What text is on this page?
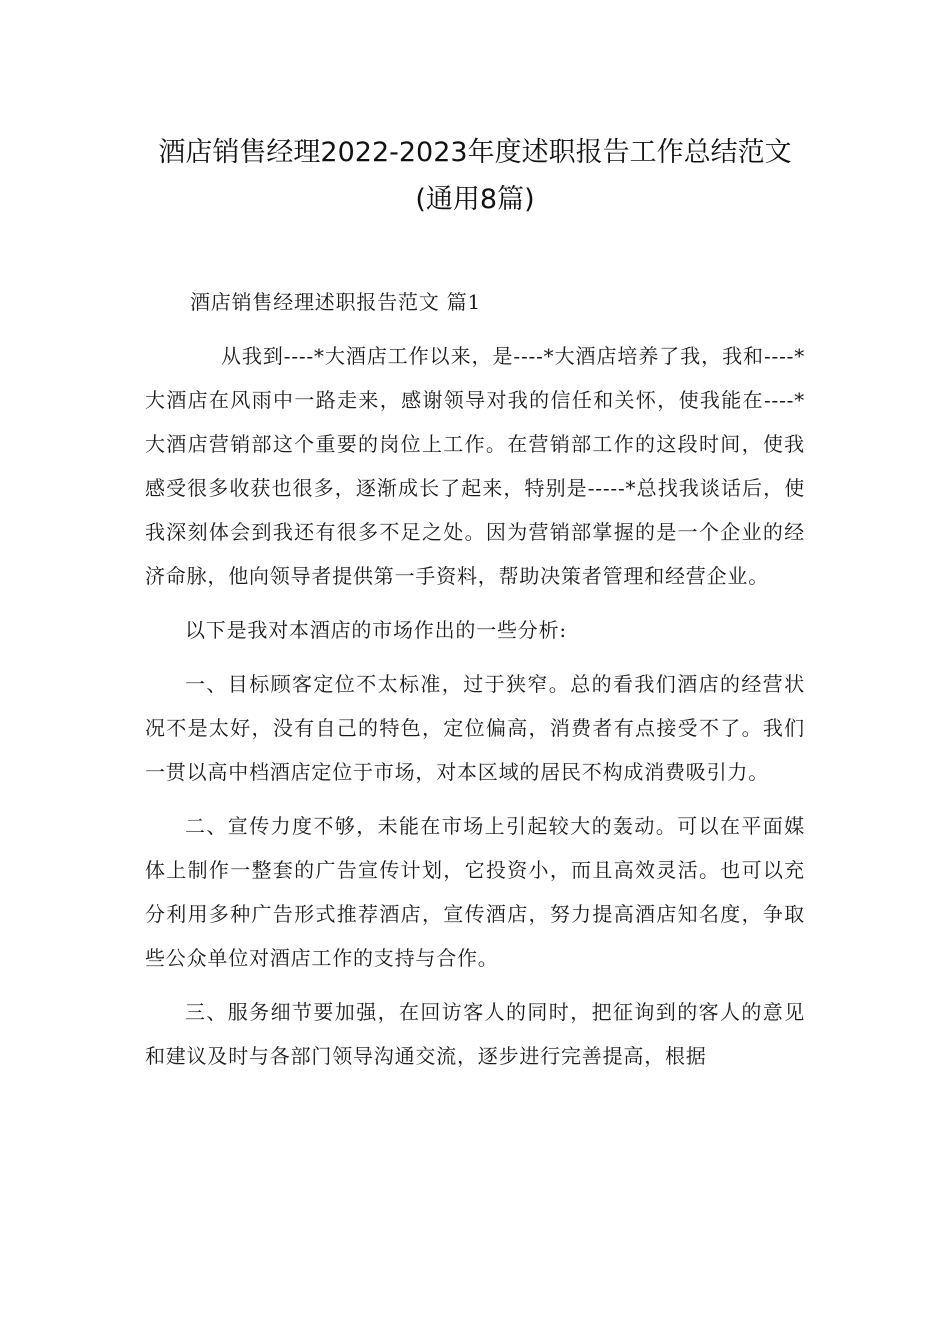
酒店销售经理2022-2023年度述职报告工作总结范文
(通用8篇)

酒店销售经理述职报告范文 篇1

从我到----*大酒店工作以来，是----*大酒店培养了我，我和----*大酒店在风雨中一路走来，感谢领导对我的信任和关怀，使我能在----*大酒店营销部这个重要的岗位上工作。在营销部工作的这段时间，使我感受很多收获也很多，逐渐成长了起来，特别是-----*总找我谈话后，使我深刻体会到我还有很多不足之处。因为营销部掌握的是一个企业的经济命脉，他向领导者提供第一手资料，帮助决策者管理和经营企业。

以下是我对本酒店的市场作出的一些分析:

一、目标顾客定位不太标准，过于狭窄。总的看我们酒店的经营状况不是太好，没有自己的特色，定位偏高，消费者有点接受不了。我们一贯以高中档酒店定位于市场，对本区域的居民不构成消费吸引力。

二、宣传力度不够，未能在市场上引起较大的轰动。可以在平面媒体上制作一整套的广告宣传计划，它投资小，而且高效灵活。也可以充分利用多种广告形式推荐酒店，宣传酒店，努力提高酒店知名度，争取些公众单位对酒店工作的支持与合作。

三、服务细节要加强，在回访客人的同时，把征询到的客人的意见和建议及时与各部门领导沟通交流，逐步进行完善提高，根据
